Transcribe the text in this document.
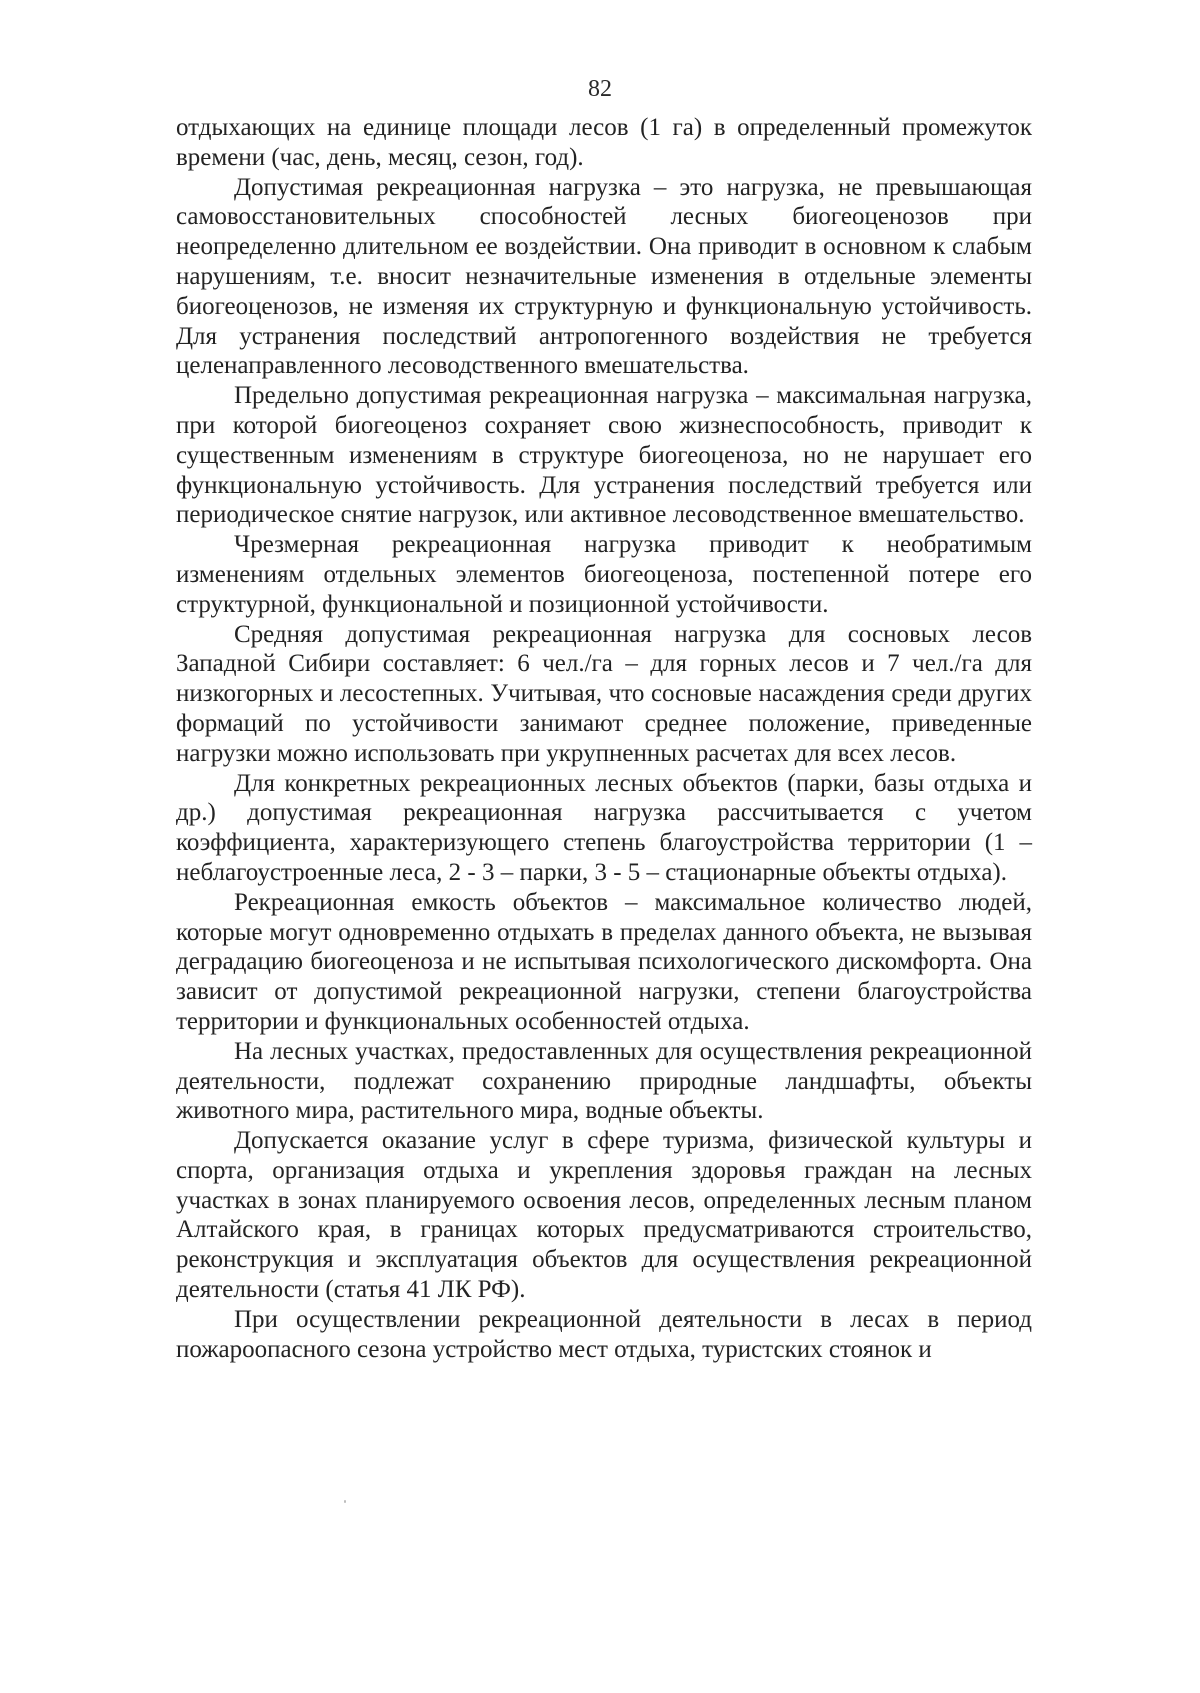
82

отдыхающих на единице площади лесов (1 га) в определенный промежуток времени (час, день, месяц, сезон, год).

Допустимая рекреационная нагрузка – это нагрузка, не превышающая самовосстановительных способностей лесных биогеоценозов при неопределенно длительном ее воздействии. Она приводит в основном к слабым нарушениям, т.е. вносит незначительные изменения в отдельные элементы биогеоценозов, не изменяя их структурную и функциональную устойчивость. Для устранения последствий антропогенного воздействия не требуется целенаправленного лесоводственного вмешательства.

Предельно допустимая рекреационная нагрузка – максимальная нагрузка, при которой биогеоценоз сохраняет свою жизнеспособность, приводит к существенным изменениям в структуре биогеоценоза, но не нарушает его функциональную устойчивость. Для устранения последствий требуется или периодическое снятие нагрузок, или активное лесоводственное вмешательство.

Чрезмерная рекреационная нагрузка приводит к необратимым изменениям отдельных элементов биогеоценоза, постепенной потере его структурной, функциональной и позиционной устойчивости.

Средняя допустимая рекреационная нагрузка для сосновых лесов Западной Сибири составляет: 6 чел./га – для горных лесов и 7 чел./га для низкогорных и лесостепных. Учитывая, что сосновые насаждения среди других формаций по устойчивости занимают среднее положение, приведенные нагрузки можно использовать при укрупненных расчетах для всех лесов.

Для конкретных рекреационных лесных объектов (парки, базы отдыха и др.) допустимая рекреационная нагрузка рассчитывается с учетом коэффициента, характеризующего степень благоустройства территории (1 – неблагоустроенные леса, 2 - 3 – парки, 3 - 5 – стационарные объекты отдыха).

Рекреационная емкость объектов – максимальное количество людей, которые могут одновременно отдыхать в пределах данного объекта, не вызывая деградацию биогеоценоза и не испытывая психологического дискомфорта. Она зависит от допустимой рекреационной нагрузки, степени благоустройства территории и функциональных особенностей отдыха.

На лесных участках, предоставленных для осуществления рекреационной деятельности, подлежат сохранению природные ландшафты, объекты животного мира, растительного мира, водные объекты.

Допускается оказание услуг в сфере туризма, физической культуры и спорта, организация отдыха и укрепления здоровья граждан на лесных участках в зонах планируемого освоения лесов, определенных лесным планом Алтайского края, в границах которых предусматриваются строительство, реконструкция и эксплуатация объектов для осуществления рекреационной деятельности (статья 41 ЛК РФ).

При осуществлении рекреационной деятельности в лесах в период пожароопасного сезона устройство мест отдыха, туристских стоянок и
